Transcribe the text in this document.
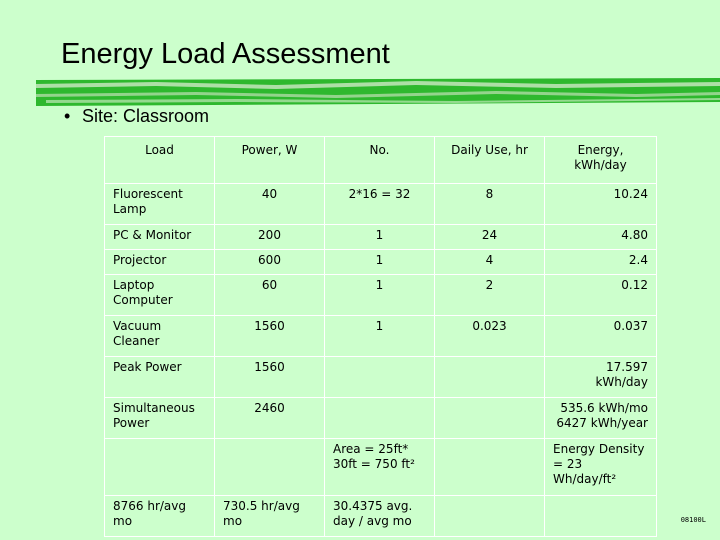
Energy Load Assessment
• Site: Classroom
Load	Power, W	No.	Daily Use, hr	Energy, kWh/day
Fluorescent Lamp	40	2*16 = 32	8	10.24
PC & Monitor	200	1	24	4.80
Projector	600	1	4	2.4
Laptop Computer	60	1	2	0.12
Vacuum Cleaner	1560	1	0.023	0.037
Peak Power	1560			17.597 kWh/day
Simultaneous Power	2460			535.6 kWh/mo 6427 kWh/year
		Area = 25ft* 30ft = 750 ft²		Energy Density = 23 Wh/day/ft²
8766 hr/avg mo	730.5 hr/avg mo	30.4375 avg. day / avg mo			08100L
